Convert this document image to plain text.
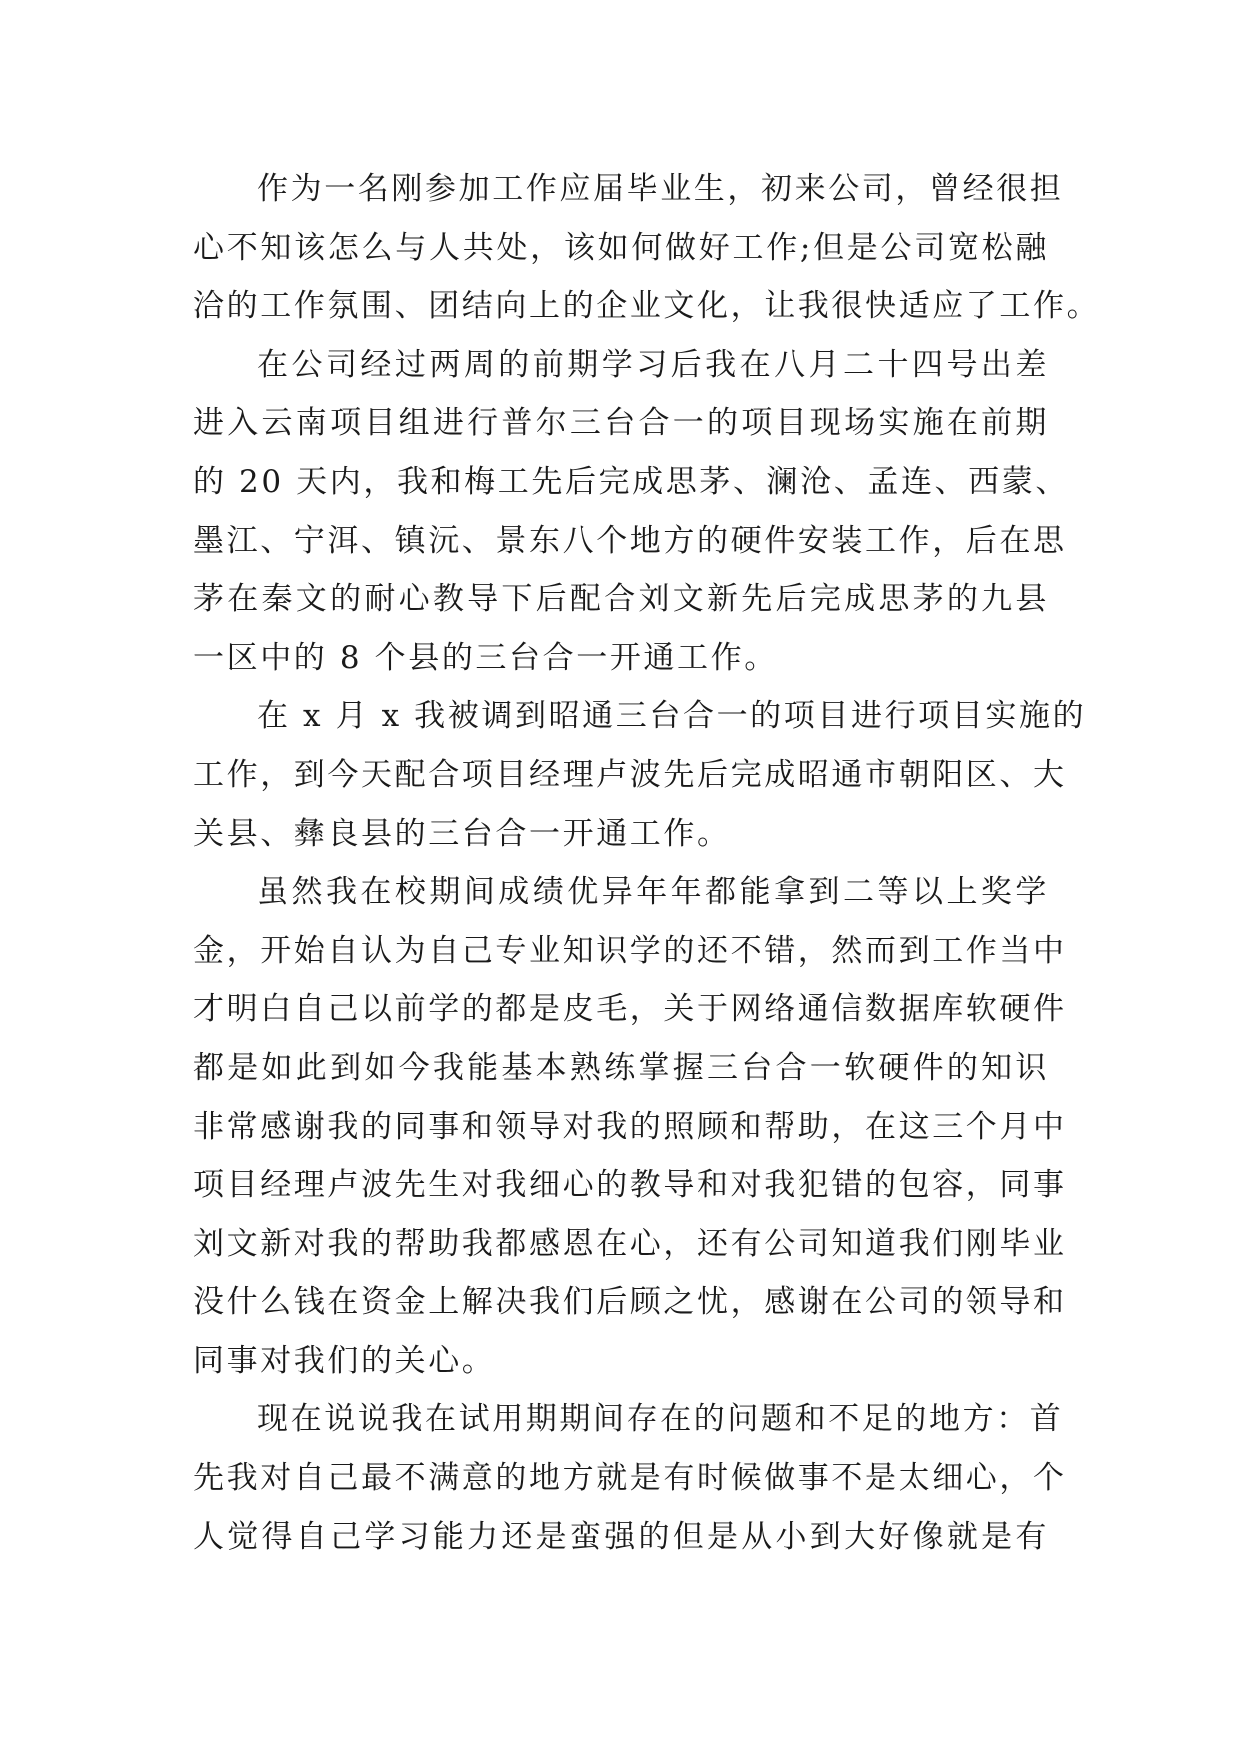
作为一名刚参加工作应届毕业生，初来公司，曾经很担
心不知该怎么与人共处，该如何做好工作;但是公司宽松融
洽的工作氛围、团结向上的企业文化，让我很快适应了工作。
在公司经过两周的前期学习后我在八月二十四号出差
进入云南项目组进行普尔三台合一的项目现场实施在前期
的 20 天内，我和梅工先后完成思茅、澜沧、孟连、西蒙、
墨江、宁洱、镇沅、景东八个地方的硬件安装工作，后在思
茅在秦文的耐心教导下后配合刘文新先后完成思茅的九县
一区中的 8 个县的三台合一开通工作。
在 x 月 x 我被调到昭通三台合一的项目进行项目实施的
工作，到今天配合项目经理卢波先后完成昭通市朝阳区、大
关县、彝良县的三台合一开通工作。
虽然我在校期间成绩优异年年都能拿到二等以上奖学
金，开始自认为自己专业知识学的还不错，然而到工作当中
才明白自己以前学的都是皮毛，关于网络通信数据库软硬件
都是如此到如今我能基本熟练掌握三台合一软硬件的知识
非常感谢我的同事和领导对我的照顾和帮助，在这三个月中
项目经理卢波先生对我细心的教导和对我犯错的包容，同事
刘文新对我的帮助我都感恩在心，还有公司知道我们刚毕业
没什么钱在资金上解决我们后顾之忧，感谢在公司的领导和
同事对我们的关心。
现在说说我在试用期期间存在的问题和不足的地方：首
先我对自己最不满意的地方就是有时候做事不是太细心，个
人觉得自己学习能力还是蛮强的但是从小到大好像就是有
